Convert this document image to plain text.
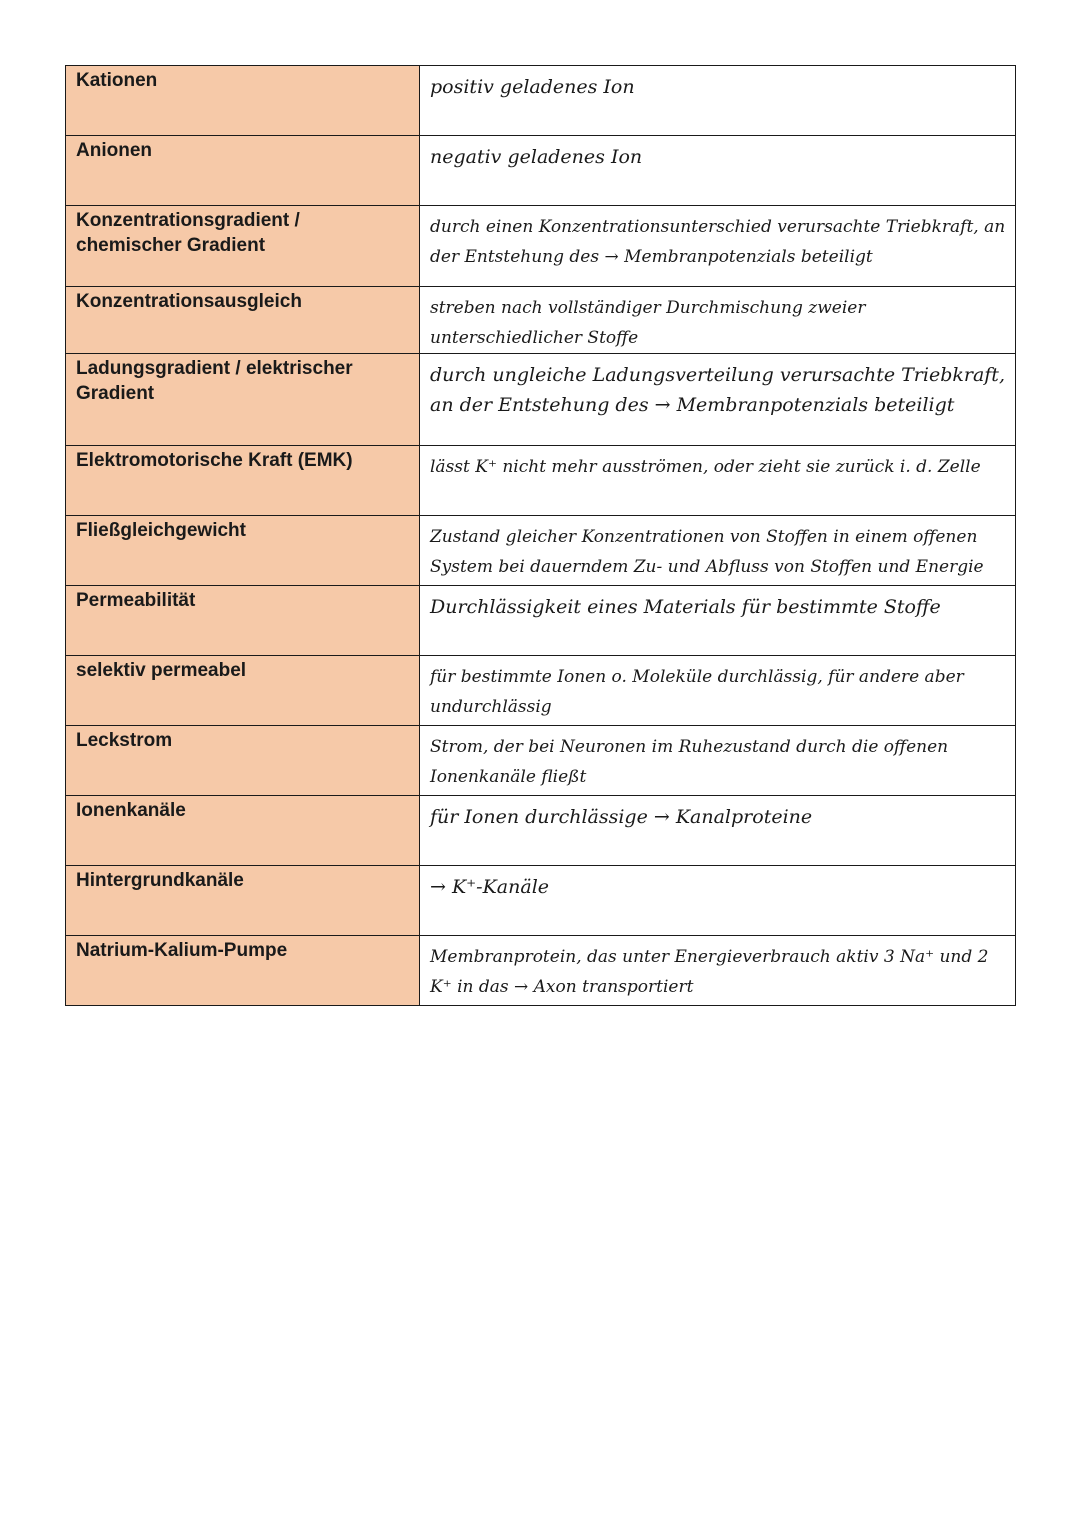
Kationen	positiv geladenes Ion
Anionen	negativ geladenes Ion
Konzentrationsgradient / chemischer Gradient	durch einen Konzentrationsunterschied verursachte Triebkraft, an der Entstehung des → Membranpotenzials beteiligt
Konzentrationsausgleich	streben nach vollständiger Durchmischung zweier unterschiedlicher Stoffe
Ladungsgradient / elektrischer Gradient	durch ungleiche Ladungsverteilung verursachte Triebkraft, an der Entstehung des → Membranpotenzials beteiligt
Elektromotorische Kraft (EMK)	lässt K⁺ nicht mehr ausströmen, oder zieht sie zurück i. d. Zelle
Fließgleichgewicht	Zustand gleicher Konzentrationen von Stoffen in einem offenen System bei dauerndem Zu- und Abfluss von Stoffen und Energie
Permeabilität	Durchlässigkeit eines Materials für bestimmte Stoffe
selektiv permeabel	für bestimmte Ionen o. Moleküle durchlässig, für andere aber undurchlässig
Leckstrom	Strom, der bei Neuronen im Ruhezustand durch die offenen Ionenkanäle fließt
Ionenkanäle	für Ionen durchlässige → Kanalproteine
Hintergrundkanäle	→ K⁺-Kanäle
Natrium-Kalium-Pumpe	Membranprotein, das unter Energieverbrauch aktiv 3 Na⁺ und 2 K⁺ in das → Axon transportiert
